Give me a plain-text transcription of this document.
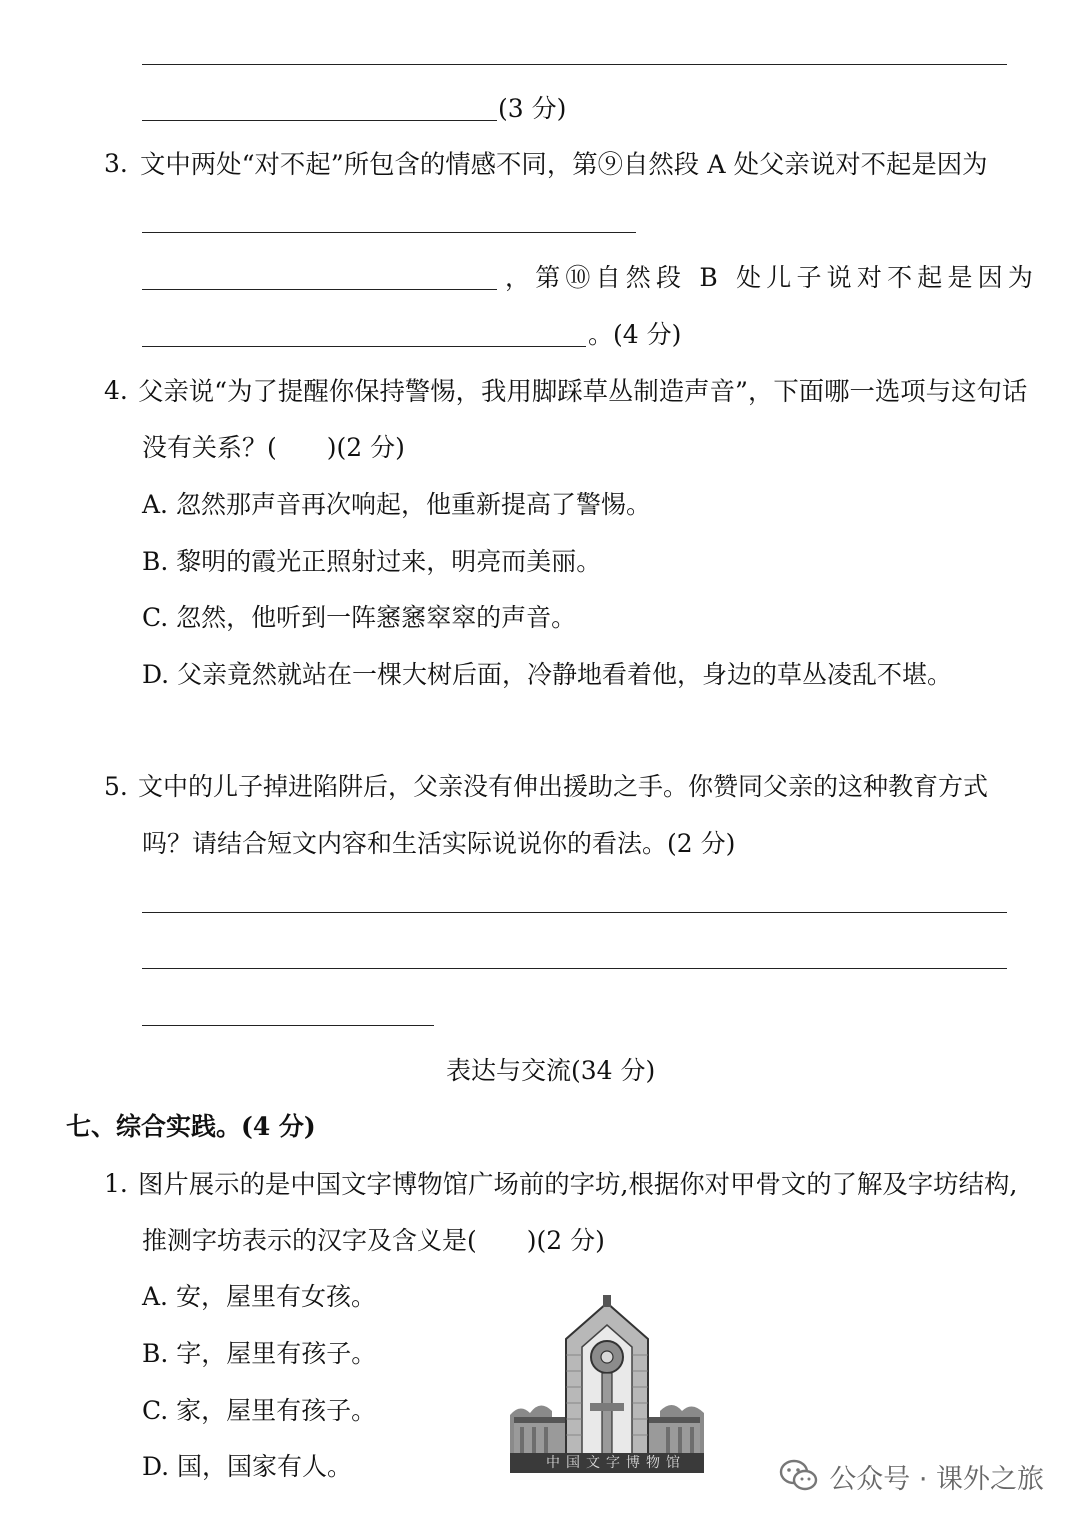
(3 分)
3. 文中两处“对不起”所包含的情感不同，第⑨自然段 A 处父亲说对不起是因为
，第⑩自然段 B 处儿子说对不起是因为
。(4 分)
4. 父亲说“为了提醒你保持警惕，我用脚踩草丛制造声音”，下面哪一选项与这句话
没有关系？(　　)(2 分)
A. 忽然那声音再次响起，他重新提高了警惕。
B. 黎明的霞光正照射过来，明亮而美丽。
C. 忽然，他听到一阵窸窸窣窣的声音。
D. 父亲竟然就站在一棵大树后面，冷静地看着他，身边的草丛凌乱不堪。
5. 文中的儿子掉进陷阱后，父亲没有伸出援助之手。你赞同父亲的这种教育方式
吗？请结合短文内容和生活实际说说你的看法。(2 分)
表达与交流(34 分)
七、综合实践。(4 分)
1. 图片展示的是中国文字博物馆广场前的字坊,根据你对甲骨文的了解及字坊结构,
推测字坊表示的汉字及含义是(　　)(2 分)
A. 安，屋里有女孩。
B. 字，屋里有孩子。
C. 家，屋里有孩子。
D. 国，国家有人。	中国文字博物馆
公众号 · 课外之旅
